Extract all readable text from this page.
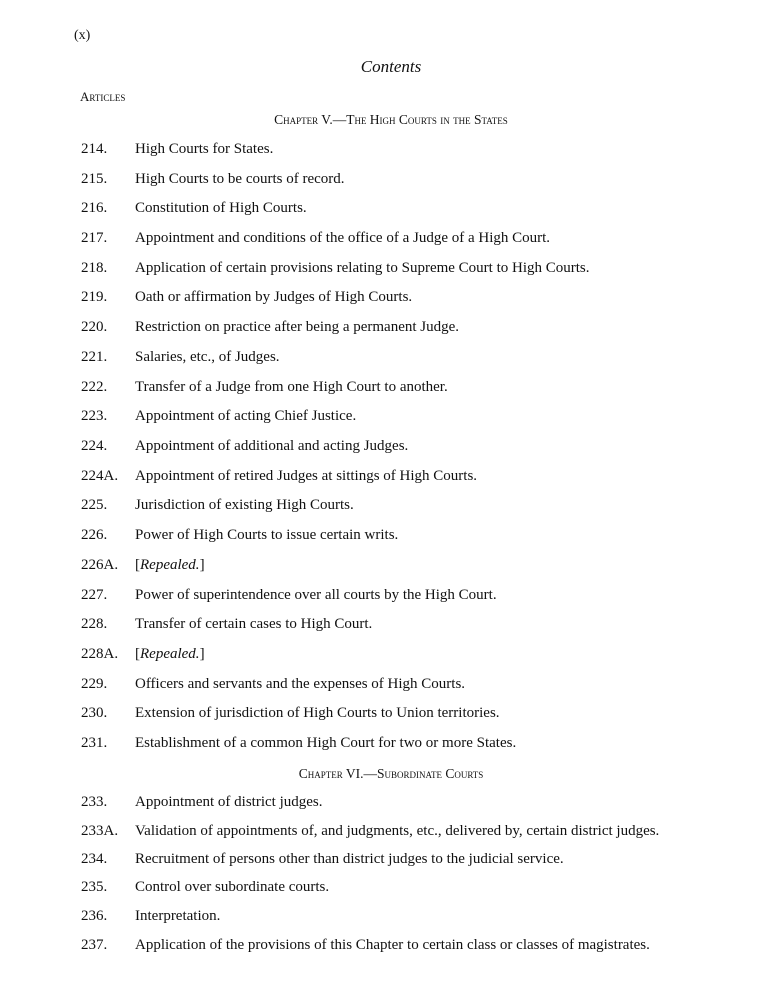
(x)
Contents
Articles
Chapter V.—The High Courts in the States
214. High Courts for States.
215. High Courts to be courts of record.
216. Constitution of High Courts.
217. Appointment and conditions of the office of a Judge of a High Court.
218. Application of certain provisions relating to Supreme Court to High Courts.
219. Oath or affirmation by Judges of High Courts.
220. Restriction on practice after being a permanent Judge.
221. Salaries, etc., of Judges.
222. Transfer of a Judge from one High Court to another.
223. Appointment of acting Chief Justice.
224. Appointment of additional and acting Judges.
224A. Appointment of retired Judges at sittings of High Courts.
225. Jurisdiction of existing High Courts.
226. Power of High Courts to issue certain writs.
226A. [Repealed.]
227. Power of superintendence over all courts by the High Court.
228. Transfer of certain cases to High Court.
228A. [Repealed.]
229. Officers and servants and the expenses of High Courts.
230. Extension of jurisdiction of High Courts to Union territories.
231. Establishment of a common High Court for two or more States.
Chapter VI.—Subordinate Courts
233. Appointment of district judges.
233A. Validation of appointments of, and judgments, etc., delivered by, certain district judges.
234. Recruitment of persons other than district judges to the judicial service.
235. Control over subordinate courts.
236. Interpretation.
237. Application of the provisions of this Chapter to certain class or classes of magistrates.
